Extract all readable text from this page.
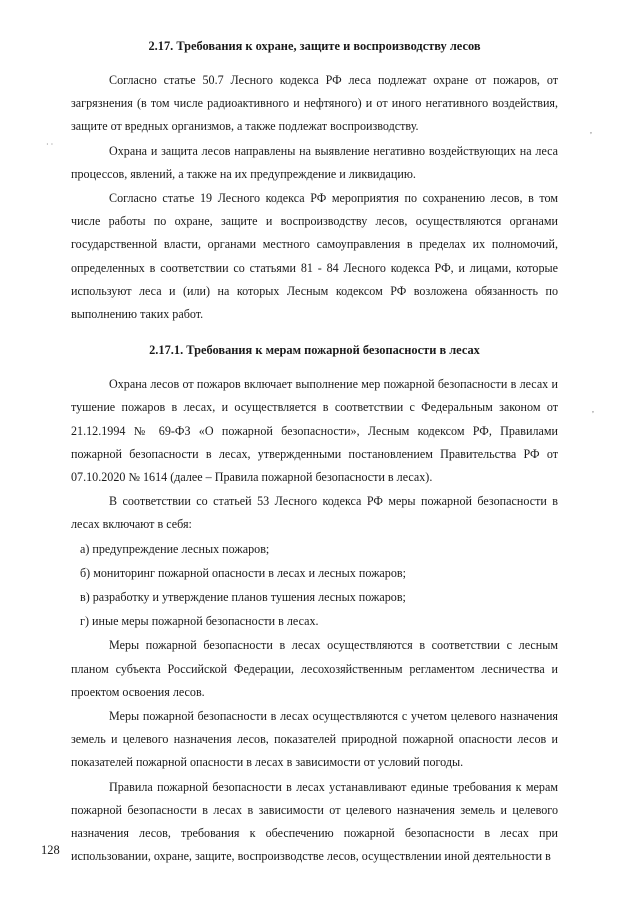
2.17. Требования к охране, защите и воспроизводству лесов

Согласно статье 50.7 Лесного кодекса РФ леса подлежат охране от пожаров, от загрязнения (в том числе радиоактивного и нефтяного) и от иного негативного воздействия, защите от вредных организмов, а также подлежат воспроизводству.

Охрана и защита лесов направлены на выявление негативно воздействующих на леса процессов, явлений, а также на их предупреждение и ликвидацию.

Согласно статье 19 Лесного кодекса РФ мероприятия по сохранению лесов, в том числе работы по охране, защите и воспроизводству лесов, осуществляются органами государственной власти, органами местного самоуправления в пределах их полномочий, определенных в соответствии со статьями 81 - 84 Лесного кодекса РФ, и лицами, которые используют леса и (или) на которых Лесным кодексом РФ возложена обязанность по выполнению таких работ.

2.17.1. Требования к мерам пожарной безопасности в лесах

Охрана лесов от пожаров включает выполнение мер пожарной безопасности в лесах и тушение пожаров в лесах, и осуществляется в соответствии с Федеральным законом от 21.12.1994 № 69-ФЗ «О пожарной безопасности», Лесным кодексом РФ, Правилами пожарной безопасности в лесах, утвержденными постановлением Правительства РФ от 07.10.2020 № 1614 (далее – Правила пожарной безопасности в лесах).

В соответствии со статьей 53 Лесного кодекса РФ меры пожарной безопасности в лесах включают в себя:

а) предупреждение лесных пожаров;

б) мониторинг пожарной опасности в лесах и лесных пожаров;

в) разработку и утверждение планов тушения лесных пожаров;

г) иные меры пожарной безопасности в лесах.

Меры пожарной безопасности в лесах осуществляются в соответствии с лесным планом субъекта Российской Федерации, лесохозяйственным регламентом лесничества и проектом освоения лесов.

Меры пожарной безопасности в лесах осуществляются с учетом целевого назначения земель и целевого назначения лесов, показателей природной пожарной опасности лесов и показателей пожарной опасности в лесах в зависимости от условий погоды.

Правила пожарной безопасности в лесах устанавливают единые требования к мерам пожарной безопасности в лесах в зависимости от целевого назначения земель и целевого назначения лесов, требования к обеспечению пожарной безопасности в лесах при использовании, охране, защите, воспроизводстве лесов, осуществлении иной деятельности в

· ·
,
,
128
